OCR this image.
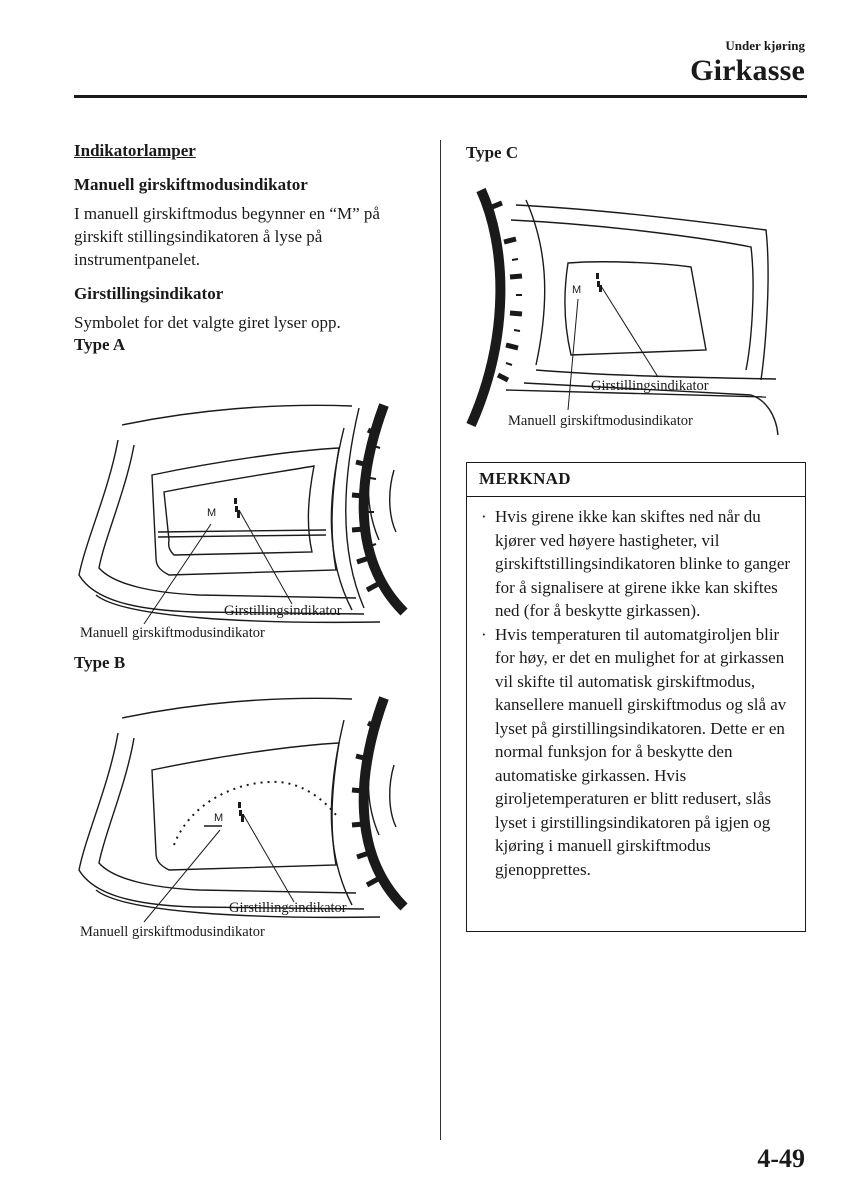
Under kjøring
Girkasse

Indikatorlamper

Manuell girskiftmodusindikator

I manuell girskiftmodus begynner en “M” på girskift stillingsindikatoren å lyse på instrumentpanelet.

Girstillingsindikator

Symbolet for det valgte giret lyser opp.

Type A

M
Girstillingsindikator
Manuell girskiftmodusindikator
Type B
M
Girstillingsindikator
Manuell girskiftmodusindikator
Type C
M
Girstillingsindikator
Manuell girskiftmodusindikator
MERKNAD
· Hvis girene ikke kan skiftes ned når du kjører ved høyere hastigheter, vil girskiftstillingsindikatoren blinke to ganger for å signalisere at girene ikke kan skiftes ned (for å beskytte girkassen).
· Hvis temperaturen til automatgiroljen blir for høy, er det en mulighet for at girkassen vil skifte til automatisk girskiftmodus, kansellere manuell girskiftmodus og slå av lyset på girstillingsindikatoren. Dette er en normal funksjon for å beskytte den automatiske girkassen. Hvis giroljetemperaturen er blitt redusert, slås lyset i girstillingsindikatoren på igjen og kjøring i manuell girskiftmodus gjenopprettes.
4-49
